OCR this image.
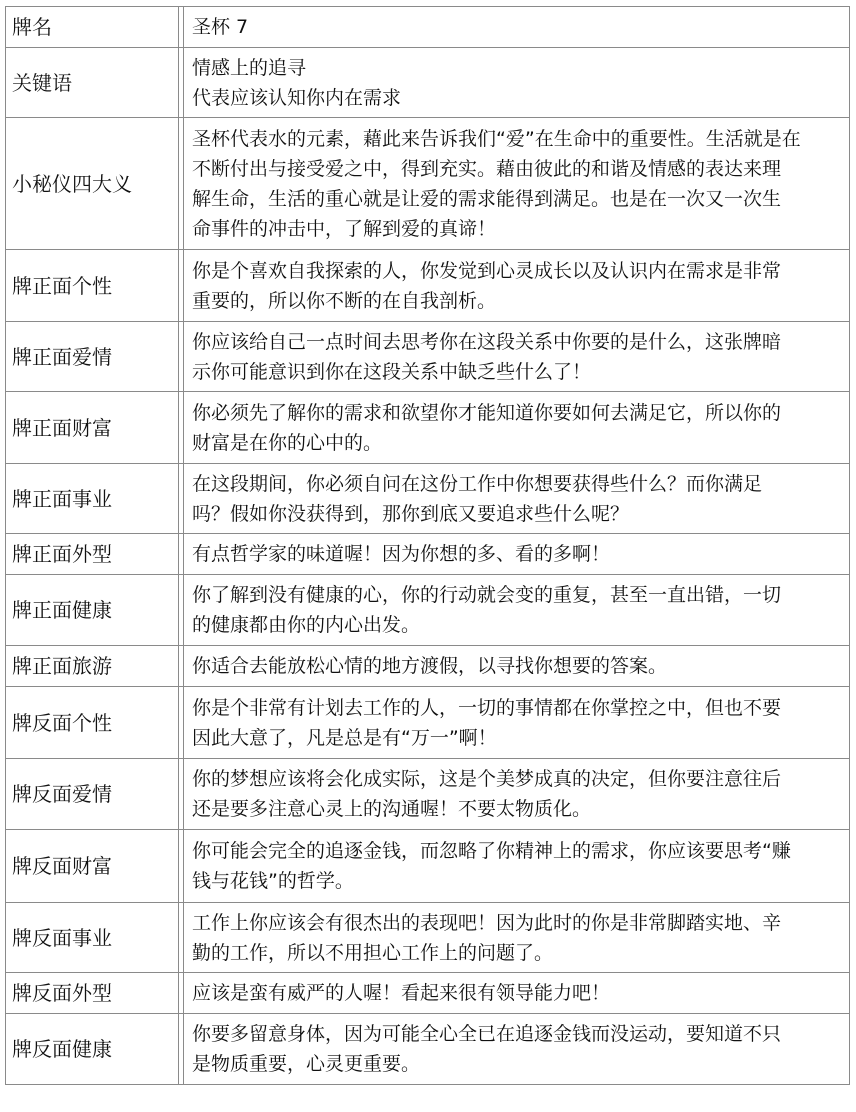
牌名		圣杯 7

关键语		情感上的追寻
代表应该认知你内在需求

小秘仪四大义		圣杯代表水的元素，藉此来告诉我们“爱”在生命中的重要性。生活就是在
不断付出与接受爱之中，得到充实。藉由彼此的和谐及情感的表达来理
解生命，生活的重心就是让爱的需求能得到满足。也是在一次又一次生
命事件的冲击中，了解到爱的真谛！

牌正面个性		你是个喜欢自我探索的人，你发觉到心灵成长以及认识内在需求是非常
重要的，所以你不断的在自我剖析。

牌正面爱情		你应该给自己一点时间去思考你在这段关系中你要的是什么，这张牌暗
示你可能意识到你在这段关系中缺乏些什么了！

牌正面财富		你必须先了解你的需求和欲望你才能知道你要如何去满足它，所以你的
财富是在你的心中的。

牌正面事业		在这段期间，你必须自问在这份工作中你想要获得些什么？而你满足
吗？假如你没获得到，那你到底又要追求些什么呢？

牌正面外型		有点哲学家的味道喔！因为你想的多、看的多啊！

牌正面健康		你了解到没有健康的心，你的行动就会变的重复，甚至一直出错，一切
的健康都由你的内心出发。

牌正面旅游		你适合去能放松心情的地方渡假，以寻找你想要的答案。

牌反面个性		你是个非常有计划去工作的人，一切的事情都在你掌控之中，但也不要
因此大意了，凡是总是有“万一”啊！

牌反面爱情		你的梦想应该将会化成实际，这是个美梦成真的决定，但你要注意往后
还是要多注意心灵上的沟通喔！不要太物质化。

牌反面财富		你可能会完全的追逐金钱，而忽略了你精神上的需求，你应该要思考“赚
钱与花钱”的哲学。

牌反面事业		工作上你应该会有很杰出的表现吧！因为此时的你是非常脚踏实地、辛
勤的工作，所以不用担心工作上的问题了。

牌反面外型		应该是蛮有威严的人喔！看起来很有领导能力吧！

牌反面健康		你要多留意身体，因为可能全心全已在追逐金钱而没运动，要知道不只
是物质重要，心灵更重要。
